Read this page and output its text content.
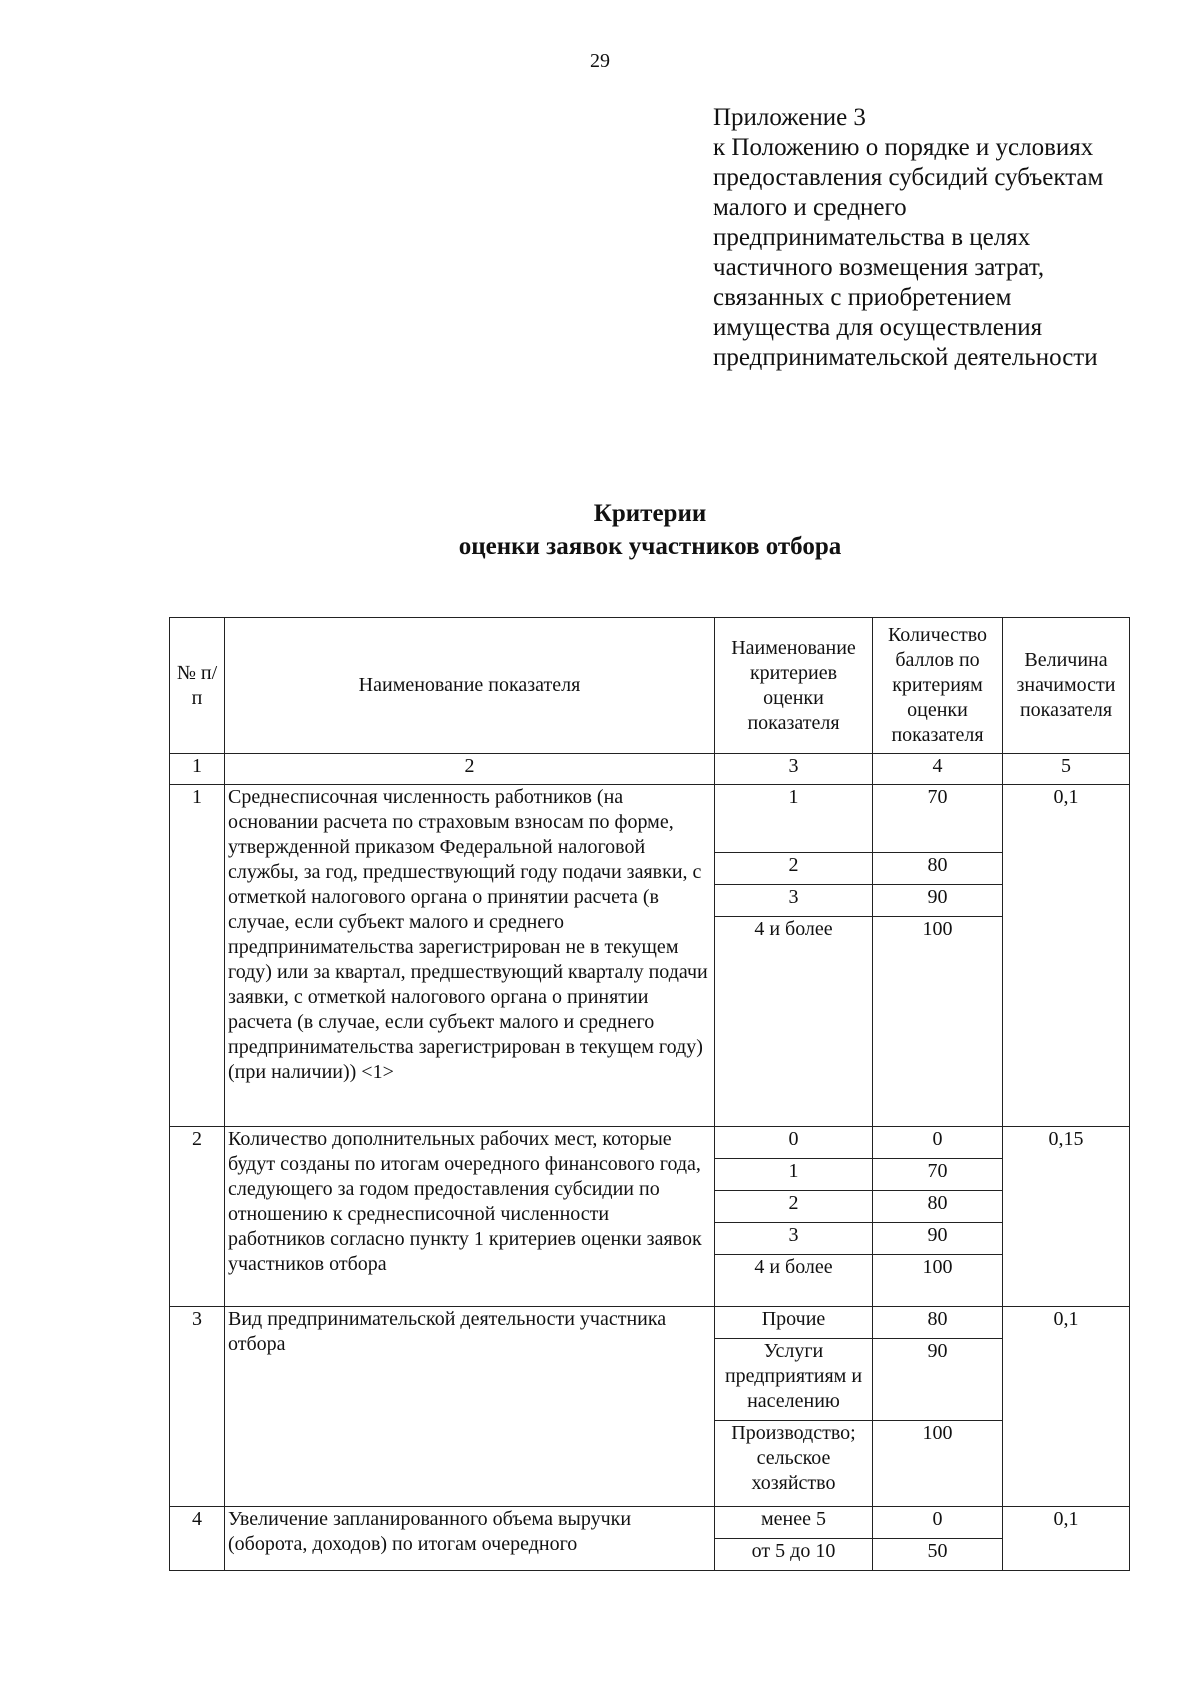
29
Приложение 3
к Положению о порядке и условиях
предоставления субсидий субъектам
малого и среднего
предпринимательства в целях
частичного возмещения затрат,
связанных с приобретением
имущества для осуществления
предпринимательской деятельности
Критерии
оценки заявок участников отбора
№ п/п	Наименование показателя	Наименование критериев оценки показателя	Количество баллов по критериям оценки показателя	Величина значимости показателя
1	2	3	4	5
1	Среднесписочная численность работников (на основании расчета по страховым взносам по форме, утвержденной приказом Федеральной налоговой службы, за год, предшествующий году подачи заявки, с отметкой налогового органа о принятии расчета (в случае, если субъект малого и среднего предпринимательства зарегистрирован не в текущем году) или за квартал, предшествующий кварталу подачи заявки, с отметкой налогового органа о принятии расчета (в случае, если субъект малого и среднего предпринимательства зарегистрирован в текущем году) (при наличии)) <1>	1	70	0,1
		2	80	
		3	90	
		4 и более	100	
2	Количество дополнительных рабочих мест, которые будут созданы по итогам очередного финансового года, следующего за годом предоставления субсидии по отношению к среднесписочной численности работников согласно пункту 1 критериев оценки заявок участников отбора	0	0	0,15
		1	70	
		2	80	
		3	90	
		4 и более	100	
3	Вид предпринимательской деятельности участника отбора	Прочие	80	0,1
		Услуги предприятиям и населению	90	
		Производство; сельское хозяйство	100	
4	Увеличение запланированного объема выручки (оборота, доходов) по итогам очередного	менее 5	0	0,1
		от 5 до 10	50	
